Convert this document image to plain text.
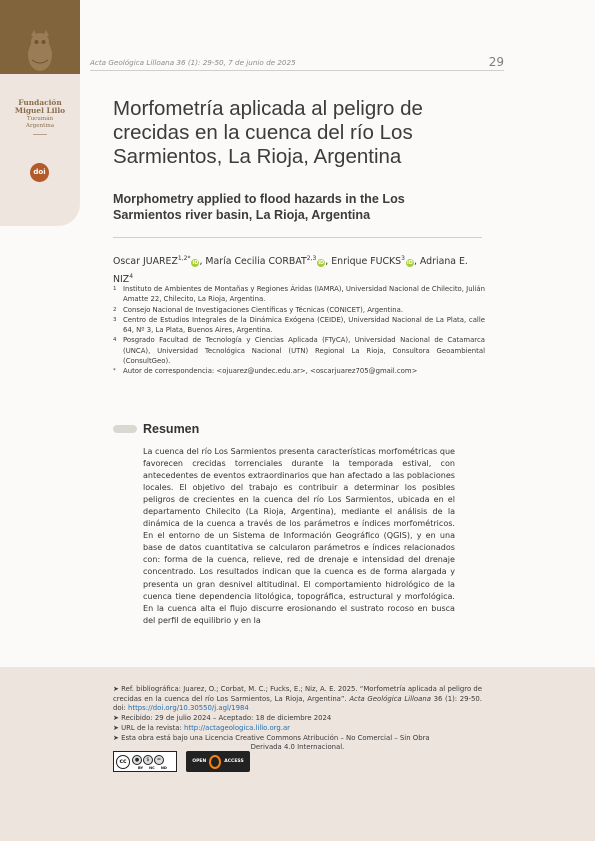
Fundación
Miguel Lillo
Tucumán
Argentina
doi
Acta Geológica Lilloana 36 (1): 29-50, 7 de junio de 2025	29
Morfometría aplicada al peligro de crecidas en la cuenca del río Los Sarmientos, La Rioja, Argentina
Morphometry applied to flood hazards in the Los Sarmientos river basin, La Rioja, Argentina
Oscar $JUAREZ^{1,2*}iD$, María Cecilia CORBAT$^{2,3}$iD, Enrique FUCKS$^3$iD, Adriana E. NIZ$^4$
1 Instituto de Ambientes de Montañas y Regiones Áridas (IAMRA), Universidad Nacional de Chilecito, Julián Amatte 22, Chilecito, La Rioja, Argentina.
2 Consejo Nacional de Investigaciones Científicas y Técnicas (CONICET), Argentina.
3 Centro de Estudios Integrales de la Dinámica Exógena (CEIDE), Universidad Nacional de La Plata, calle 64, Nº 3, La Plata, Buenos Aires, Argentina.
4 Posgrado Facultad de Tecnología y Ciencias Aplicada (FTyCA), Universidad Nacional de Catamarca (UNCA), Universidad Tecnológica Nacional (UTN) Regional La Rioja, Consultora Geoambiental (ConsultGeo).
*	Autor de correspondencia: <ojuarez@undec.edu.ar>, <oscarjuarez705@gmail.com>
Resumen

La cuenca del río Los Sarmientos presenta características morfométricas que favorecen crecidas torrenciales durante la temporada estival, con antecedentes de eventos extraordinarios que han afectado a las poblaciones locales. El objetivo del trabajo es contribuir a determinar los posibles peligros de crecientes en la cuenca del río Los Sarmientos, ubicada en el departamento Chilecito (La Rioja, Argentina), mediante el análisis de la dinámica de la cuenca a través de los parámetros e índices morfométricos. En el entorno de un Sistema de Información Geográfico (QGIS), y en una base de datos cuantitativa se calcularon parámetros e índices relacionados con: forma de la cuenca, relieve, red de drenaje e intensidad del drenaje concentrado. Los resultados indican que la cuenca es de forma alargada y presenta un gran desnivel altitudinal. El comportamiento hidrológico de la cuenca tiene dependencia litológica, topográfica, estructural y morfológica. En la cuenca alta el flujo discurre erosionando el sustrato rocoso en busca del perfil de equilibrio y en la

➤ Ref. bibliográfica: Juarez, O.; Corbat, M. C.; Fucks, E.; Niz, A. E. 2025. “Morfometría aplicada al peligro de crecidas en la cuenca del río Los Sarmientos, La Rioja, Argentina”. Acta Geológica Lilloana 36 (1): 29-50. doi: https://doi.org/10.30550/j.agl/1984

➤ Recibido: 29 de julio 2024 – Aceptado: 18 de diciembre 2024

➤ URL de la revista: http://actageologica.lillo.org.ar

➤ Esta obra está bajo una Licencia Creative Commons Atribución – No Comercial – Sin Obra

Derivada 4.0 Internacional.

cc	●	$	=
BY NC ND
OPEN	ACCESS
